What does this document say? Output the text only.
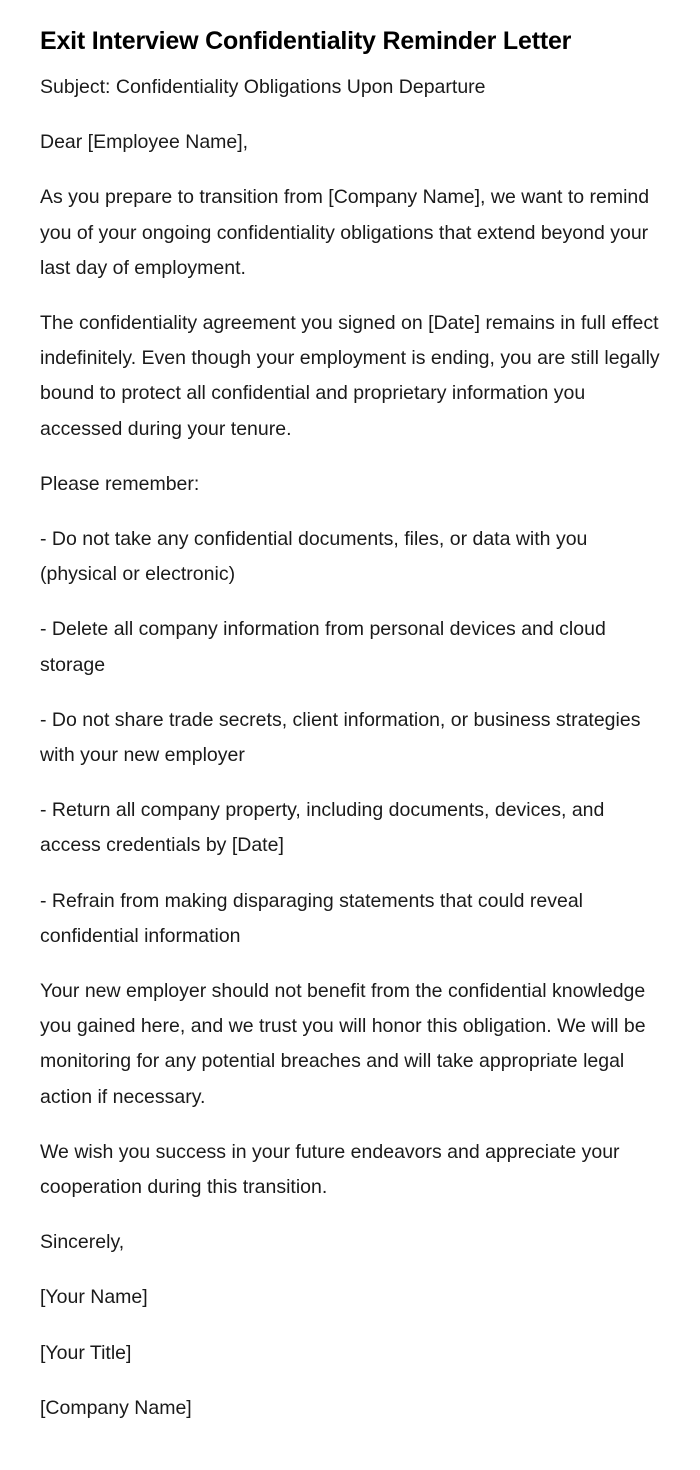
Exit Interview Confidentiality Reminder Letter
Subject: Confidentiality Obligations Upon Departure
Dear [Employee Name],
As you prepare to transition from [Company Name], we want to remind you of your ongoing confidentiality obligations that extend beyond your last day of employment.
The confidentiality agreement you signed on [Date] remains in full effect indefinitely. Even though your employment is ending, you are still legally bound to protect all confidential and proprietary information you accessed during your tenure.
Please remember:
- Do not take any confidential documents, files, or data with you (physical or electronic)
- Delete all company information from personal devices and cloud storage
- Do not share trade secrets, client information, or business strategies with your new employer
- Return all company property, including documents, devices, and access credentials by [Date]
- Refrain from making disparaging statements that could reveal confidential information
Your new employer should not benefit from the confidential knowledge you gained here, and we trust you will honor this obligation. We will be monitoring for any potential breaches and will take appropriate legal action if necessary.
We wish you success in your future endeavors and appreciate your cooperation during this transition.
Sincerely,
[Your Name]
[Your Title]
[Company Name]
